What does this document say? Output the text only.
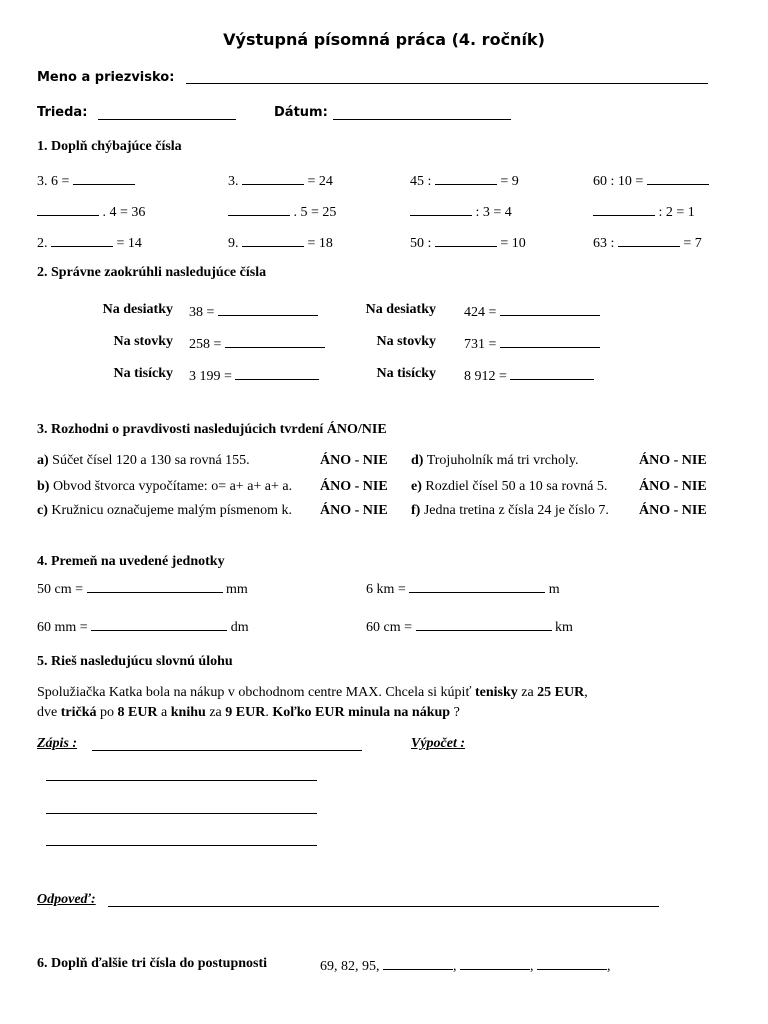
Výstupná písomná práca (4. ročník)
Meno a priezvisko:
Trieda:	Dátum:
1. Doplň chýbajúce čísla
3. 6 =	3.	= 24	45 :	= 9	60 : 10 =
. 4 = 36	. 5 = 25	: 3 = 4	: 2 = 1
2.	= 14	9.	= 18	50 :	= 10	63 :	= 7
2. Správne zaokrúhli nasledujúce čísla
Na desiatky 38 =
Na stovky 258 =
Na tisícky 3 199 =
Na desiatky 424 =
Na stovky 731 =
Na tisícky 8 912 =
3. Rozhodni o pravdivosti nasledujúcich tvrdení ÁNO/NIE
a) Súčet čísel 120 a 130 sa rovná 155.	ÁNO - NIE
b) Obvod štvorca vypočítame: o= a+ a+ a+ a. ÁNO - NIE
c) Kružnicu označujeme malým písmenom k. ÁNO - NIE
d) Trojuholník má tri vrcholy.	ÁNO - NIE
e) Rozdiel čísel 50 a 10 sa rovná 5. ÁNO - NIE
f) Jedna tretina z čísla 24 je číslo 7. ÁNO - NIE
4. Premeň na uvedené jednotky
50 cm =	mm	6 km =	m
60 mm =	dm	60 cm =	km
5. Rieš nasledujúcu slovnú úlohu
Spolužiačka Katka bola na nákup v obchodnom centre MAX. Chcela si kúpiť tenisky za 25 EUR,
dve tričká po 8 EUR a knihu za 9 EUR. Koľko EUR minula na nákup ?
Zápis :	Výpočet :
Odpoveď:
6. Doplň ďalšie tri čísla do postupnosti	69, 82, 95,	,	,	,
